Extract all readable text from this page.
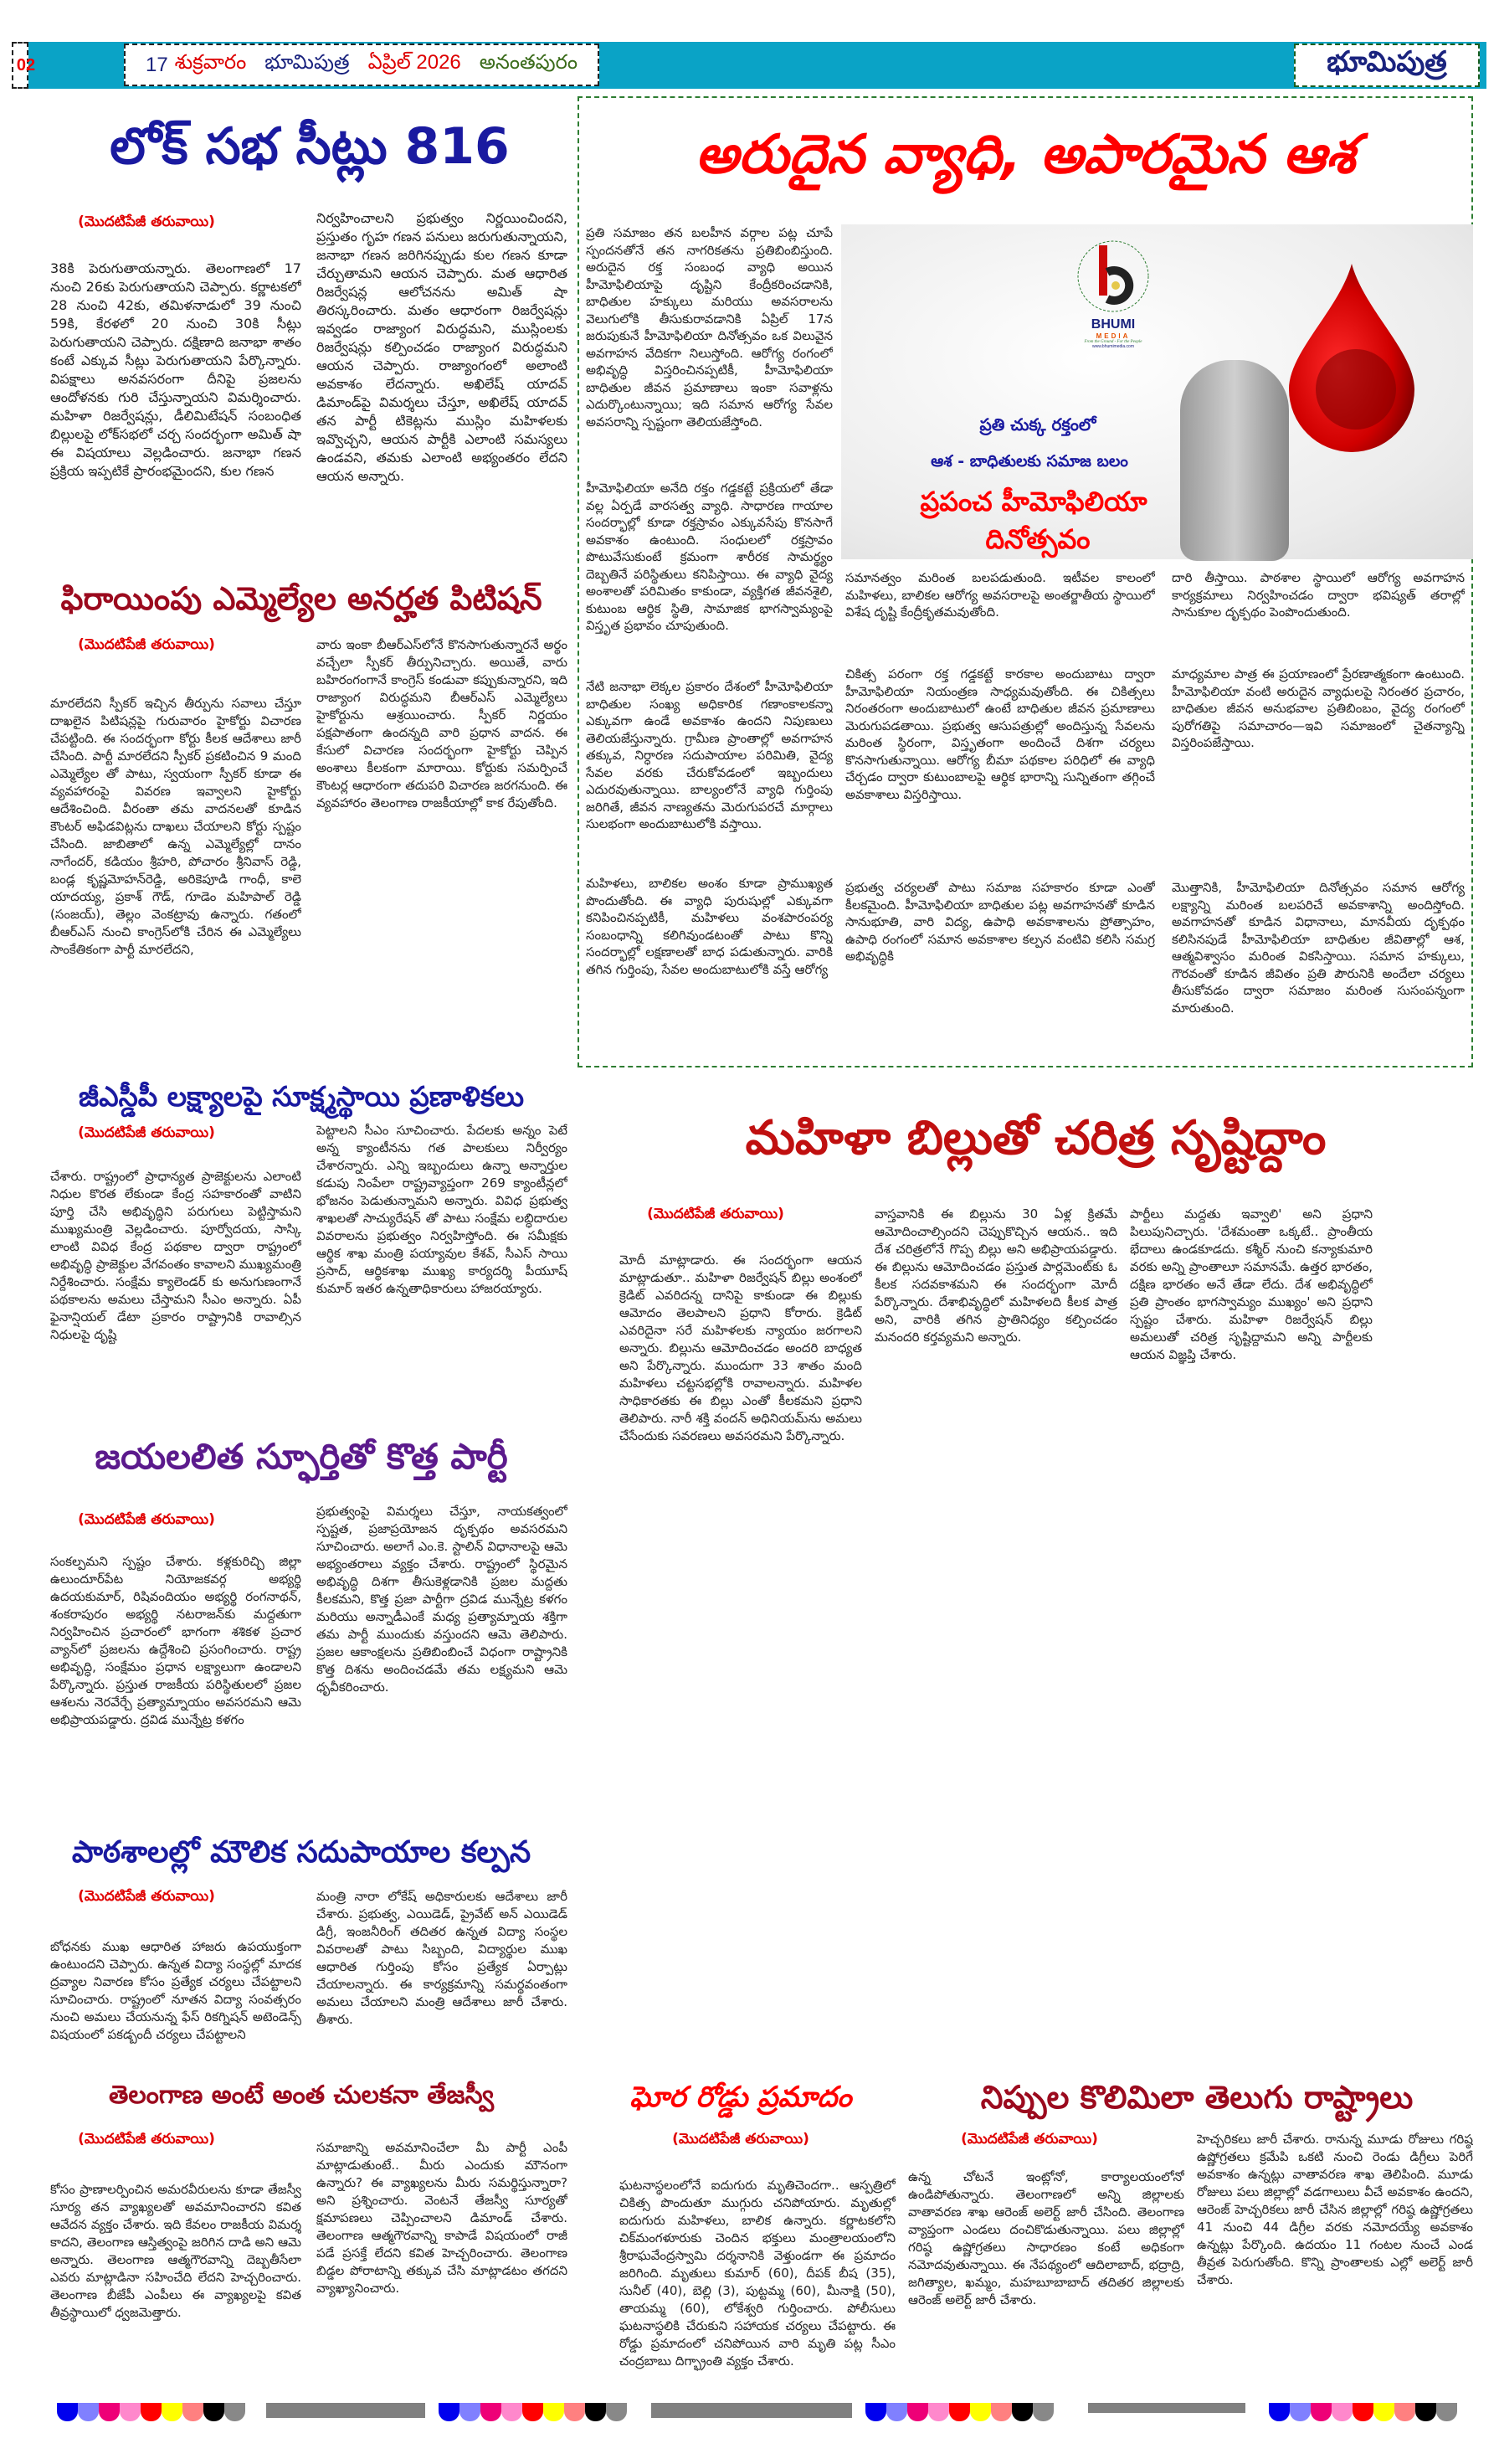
02	17 శుక్రవారం భూమిపుత్ర ఏప్రిల్ 2026 అనంతపురం	భూమిపుత్ర
లోక్ సభ సీట్లు 816
(మొదటిపేజీ తరువాయి)
38కి పెరుగుతాయన్నారు. తెలంగాణలో 17 నుంచి 26కు పెరుగుతాయని చెప్పారు. కర్ణాటకలో 28 నుంచి 42కు, తమిళనాడులో 39 నుంచి 59కి, కేరళలో 20 నుంచి 30కి సీట్లు పెరుగుతాయని చెప్పారు. దక్షిణాది జనాభా శాతం కంటే ఎక్కువ సీట్లు పెరుగుతాయని పేర్కొన్నారు. విపక్షాలు అనవసరంగా దీనిపై ప్రజలను ఆందోళనకు గురి చేస్తున్నాయని విమర్శించారు. మహిళా రిజర్వేషన్లు, డీలిమిటేషన్ సంబంధిత బిల్లులపై లోక్‌సభలో చర్చ సందర్భంగా అమిత్ షా ఈ విషయాలు వెల్లడించారు. జనాభా గణన ప్రక్రియ ఇప్పటికే ప్రారంభమైందని, కుల గణన
నిర్వహించాలని ప్రభుత్వం నిర్ణయించిందని, ప్రస్తుతం గృహ గణన పనులు జరుగుతున్నాయని, జనాభా గణన జరిగినప్పుడు కుల గణన కూడా చేర్చుతామని ఆయన చెప్పారు. మత ఆధారిత రిజర్వేషన్ల ఆలోచనను అమిత్ షా తిరస్కరించారు. మతం ఆధారంగా రిజర్వేషన్లు ఇవ్వడం రాజ్యాంగ విరుద్ధమని, ముస్లింలకు రిజర్వేషన్లు కల్పించడం రాజ్యాంగ విరుద్ధమని ఆయన చెప్పారు. రాజ్యాంగంలో అలాంటి అవకాశం లేదన్నారు. అఖిలేష్ యాదవ్ డిమాండ్‌పై విమర్శలు చేస్తూ, అఖిలేష్ యాదవ్ తన పార్టీ టికెట్లను ముస్లిం మహిళలకు ఇవ్వొచ్చని, ఆయన పార్టీకి ఎలాంటి సమస్యలు ఉండవని, తమకు ఎలాంటి అభ్యంతరం లేదని ఆయన అన్నారు.
ఫిరాయింపు ఎమ్మెల్యేల అనర్హత పిటిషన్
(మొదటిపేజీ తరువాయి)
మారలేదని స్పీకర్ ఇచ్చిన తీర్పును సవాలు చేస్తూ దాఖలైన పిటిషన్లపై గురువారం హైకోర్టు విచారణ చేపట్టింది. ఈ సందర్భంగా కోర్టు కీలక ఆదేశాలు జారీ చేసింది. పార్టీ మారలేదని స్పీకర్ ప్రకటించిన 9 మంది ఎమ్మెల్యేల తో పాటు, స్వయంగా స్పీకర్ కూడా ఈ వ్యవహారంపై వివరణ ఇవ్వాలని హైకోర్టు ఆదేశించింది. వీరంతా తమ వాదనలతో కూడిన కౌంటర్ అఫిడవిట్లను దాఖలు చేయాలని కోర్టు స్పష్టం చేసింది. జాబితాలో ఉన్న ఎమ్మెల్యేల్లో దానం నాగేందర్, కడియం శ్రీహరి, పోచారం శ్రీనివాస్ రెడ్డి, బండ్ల కృష్ణమోహన్‌రెడ్డి, అరికెపూడి గాంధీ, కాలె యాదయ్య, ప్రకాశ్ గౌడ్, గూడెం మహిపాల్ రెడ్డి (సంజయ్), తెల్లం వెంకట్రావు ఉన్నారు. గతంలో బీఆర్ఎస్ నుంచి కాంగ్రెస్‌లోకి చేరిన ఈ ఎమ్మెల్యేలు సాంకేతికంగా పార్టీ మారలేదని,
వారు ఇంకా బీఆర్ఎస్‌లోనే కొనసాగుతున్నారనే అర్థం వచ్చేలా స్పీకర్ తీర్పునిచ్చారు. అయితే, వారు బహిరంగంగానే కాంగ్రెస్ కండువా కప్పుకున్నారని, ఇది రాజ్యాంగ విరుద్ధమని బీఆర్ఎస్ ఎమ్మెల్యేలు హైకోర్టును ఆశ్రయించారు. స్పీకర్ నిర్ణయం పక్షపాతంగా ఉందన్నది వారి ప్రధాన వాదన. ఈ కేసులో విచారణ సందర్భంగా హైకోర్టు చెప్పిన అంశాలు కీలకంగా మారాయి. కోర్టుకు సమర్పించే కౌంటర్ల ఆధారంగా తదుపరి విచారణ జరగనుంది. ఈ వ్యవహారం తెలంగాణ రాజకీయాల్లో కాక రేపుతోంది.
జీఎస్డీపీ లక్ష్యాలపై సూక్ష్మస్థాయి ప్రణాళికలు
(మొదటిపేజీ తరువాయి)
చేశారు. రాష్ట్రంలో ప్రాధాన్యత ప్రాజెక్టులను ఎలాంటి నిధుల కొరత లేకుండా కేంద్ర సహకారంతో వాటిని పూర్తి చేసి అభివృద్ధిని పరుగులు పెట్టిస్తామని ముఖ్యమంత్రి వెల్లడించారు. పూర్వోదయ, సాస్కి లాంటి వివిధ కేంద్ర పథకాల ద్వారా రాష్ట్రంలో అభివృద్ధి ప్రాజెక్టుల వేగవంతం కావాలని ముఖ్యమంత్రి నిర్దేశించారు. సంక్షేమ క్యాలెండర్ కు అనుగుణంగానే పథకాలను అమలు చేస్తామని సీఎం అన్నారు. ఏపీ ఫైనాన్షియల్ డేటా ప్రకారం రాష్ట్రానికి రావాల్సిన నిధులపై దృష్టి
పెట్టాలని సీఎం సూచించారు. పేదలకు అన్నం పెటే అన్న క్యాంటీనను గత పాలకులు నిర్వీర్యం చేశారన్నారు. ఎన్ని ఇబ్బందులు ఉన్నా అన్నార్తుల కడుపు నింపేలా రాష్ట్రవ్యాప్తంగా 269 క్యాంటీన్లలో భోజనం పెడుతున్నామని అన్నారు. వివిధ ప్రభుత్వ శాఖలతో సాచ్యురేషన్ తో పాటు సంక్షేమ లబ్ధిదారుల వివరాలను ప్రభుత్వం నిర్వహిస్తోంది. ఈ సమీక్షకు ఆర్థిక శాఖ మంత్రి పయ్యావుల కేశవ్, సీఎస్ సాయి ప్రసాద్, ఆర్థికశాఖ ముఖ్య కార్యదర్శి పీయూష్ కుమార్ ఇతర ఉన్నతాధికారులు హాజరయ్యారు.
జయలలిత స్ఫూర్తితో కొత్త పార్టీ
(మొదటిపేజీ తరువాయి)
సంకల్పమని స్పష్టం చేశారు. కళ్లకురిచ్చి జిల్లా ఉలుందూర్‌పేట నియోజకవర్గ అభ్యర్థి ఉదయకుమార్, రిషివందియం అభ్యర్థి రంగనాథన్, శంకరాపురం అభ్యర్థి నటరాజన్‌కు మద్దతుగా నిర్వహించిన ప్రచారంలో భాగంగా శశికళ ప్రచార వ్యాన్‌లో ప్రజలను ఉద్దేశించి ప్రసంగించారు. రాష్ట్ర అభివృద్ధి, సంక్షేమం ప్రధాన లక్ష్యాలుగా ఉండాలని పేర్కొన్నారు. ప్రస్తుత రాజకీయ పరిస్థితులలో ప్రజల ఆశలను నెరవేర్చే ప్రత్యామ్నాయం అవసరమని ఆమె అభిప్రాయపడ్డారు. ద్రవిడ మున్నేట్ర కళగం
ప్రభుత్వంపై విమర్శలు చేస్తూ, నాయకత్వంలో స్పష్టత, ప్రజాప్రయోజన దృక్పథం అవసరమని సూచించారు. అలాగే ఎం.కె. స్టాలిన్ విధానాలపై ఆమె అభ్యంతరాలు వ్యక్తం చేశారు. రాష్ట్రంలో స్థిరమైన అభివృద్ధి దిశగా తీసుకెళ్లడానికి ప్రజల మద్దతు కీలకమని, కొత్త ప్రజా పార్టీగా ద్రవిడ మున్నేట్ర కళగం మరియు అన్నాడీఎంకే మధ్య ప్రత్యామ్నాయ శక్తిగా తమ పార్టీ ముందుకు వస్తుందని ఆమె తెలిపారు. ప్రజల ఆకాంక్షలను ప్రతిబింబించే విధంగా రాష్ట్రానికి కొత్త దిశను అందించడమే తమ లక్ష్యమని ఆమె ధృవీకరించారు.
పాఠశాలల్లో మౌలిక సదుపాయాల కల్పన
(మొదటిపేజీ తరువాయి)
బోధనకు ముఖ ఆధారిత హాజరు ఉపయుక్తంగా ఉంటుందని చెప్పారు. ఉన్నత విద్యా సంస్థల్లో మాదక ద్రవ్యాల నివారణ కోసం ప్రత్యేక చర్యలు చేపట్టాలని సూచించారు. రాష్ట్రంలో నూతన విద్యా సంవత్సరం నుంచి అమలు చేయనున్న ఫేస్ రికగ్నిషన్ అటెండెన్స్ విషయంలో పకడ్బందీ చర్యలు చేపట్టాలని
మంత్రి నారా లోకేష్ అధికారులకు ఆదేశాలు జారీ చేశారు. ప్రభుత్వ, ఎయిడెడ్, ప్రైవేట్ అన్ ఎయిడెడ్ డిగ్రీ, ఇంజనీరింగ్ తదితర ఉన్నత విద్యా సంస్థల వివరాలతో పాటు సిబ్బంది, విద్యార్థుల ముఖ ఆధారిత గుర్తింపు కోసం ప్రత్యేక ఏర్పాట్లు చేయాలన్నారు. ఈ కార్యక్రమాన్ని సమర్థవంతంగా అమలు చేయాలని మంత్రి ఆదేశాలు జారీ చేశారు. తీశారు.
తెలంగాణ అంటే అంత చులకనా తేజస్వీ
(మొదటిపేజీ తరువాయి)
కోసం ప్రాణాలర్పించిన అమరవీరులను కూడా తేజస్వీ సూర్య తన వ్యాఖ్యలతో అవమానించారని కవిత ఆవేదన వ్యక్తం చేశారు. ఇది కేవలం రాజకీయ విమర్శ కాదని, తెలంగాణ ఆస్తిత్వంపై జరిగిన దాడి అని ఆమె అన్నారు. తెలంగాణ ఆత్మగౌరవాన్ని దెబ్బతీసేలా ఎవరు మాట్లాడినా సహించేది లేదని హెచ్చరించారు. తెలంగాణ బీజేపీ ఎంపీలు ఈ వ్యాఖ్యలపై కవిత తీవ్రస్థాయిలో ధ్వజమెత్తారు.
సమాజాన్ని అవమానించేలా మీ పార్టీ ఎంపీ మాట్లాడుతుంటే.. మీరు ఎందుకు మౌనంగా ఉన్నారు? ఈ వ్యాఖ్యలను మీరు సమర్థిస్తున్నారా? అని ప్రశ్నించారు. వెంటనే తేజస్వీ సూర్యతో క్షమాపణలు చెప్పించాలని డిమాండ్ చేశారు. తెలంగాణ ఆత్మగౌరవాన్ని కాపాడే విషయంలో రాజీ పడే ప్రసక్తే లేదని కవిత హెచ్చరించారు. తెలంగాణ బిడ్డల పోరాటాన్ని తక్కువ చేసి మాట్లాడటం తగదని వ్యాఖ్యానించారు.
అరుదైన వ్యాధి, అపారమైన ఆశ
ప్రతి సమాజం తన బలహీన వర్గాల పట్ల చూపే స్పందనతోనే తన నాగరికతను ప్రతిబింబిస్తుంది. అరుదైన రక్త సంబంధ వ్యాధి అయిన హీమోఫిలియాపై దృష్టిని కేంద్రీకరించడానికి, బాధితుల హక్కులు మరియు అవసరాలను వెలుగులోకి తీసుకురావడానికి ఏప్రిల్ 17న జరుపుకునే హీమోఫిలియా దినోత్సవం ఒక విలువైన అవగాహన వేదికగా నిలుస్తోంది. ఆరోగ్య రంగంలో అభివృద్ధి విస్తరించినప్పటికీ, హీమోఫిలియా బాధితుల జీవన ప్రమాణాలు ఇంకా సవాళ్లను ఎదుర్కొంటున్నాయి; ఇది సమాన ఆరోగ్య సేవల అవసరాన్ని స్పష్టంగా తెలియజేస్తోంది.
హీమోఫిలియా అనేది రక్తం గడ్డకట్టే ప్రక్రియలో తేడా వల్ల ఏర్పడే వారసత్వ వ్యాధి. సాధారణ గాయాల సందర్భాల్లో కూడా రక్తస్రావం ఎక్కువసేపు కొనసాగే అవకాశం ఉంటుంది. సంధులలో రక్తస్రావం పొటువేసుకుంటే క్రమంగా శారీరక సామర్థ్యం దెబ్బతినే పరిస్థితులు కనిపిస్తాయి. ఈ వ్యాధి వైద్య అంశాలతో పరిమితం కాకుండా, వ్యక్తిగత జీవనశైలి, కుటుంబ ఆర్థిక స్థితి, సామాజిక భాగస్వామ్యంపై విస్తృత ప్రభావం చూపుతుంది.
నేటి జనాభా లెక్కల ప్రకారం దేశంలో హీమోఫిలియా బాధితుల సంఖ్య అధికారిక గణాంకాలకన్నా ఎక్కువగా ఉండే అవకాశం ఉందని నిపుణులు తెలియజేస్తున్నారు. గ్రామీణ ప్రాంతాల్లో అవగాహన తక్కువ, నిర్ధారణ సదుపాయాల పరిమితి, వైద్య సేవల వరకు చేరుకోవడంలో ఇబ్బందులు ఎదురవుతున్నాయి. బాల్యంలోనే వ్యాధి గుర్తింపు జరిగితే, జీవన నాణ్యతను మెరుగుపరచే మార్గాలు సులభంగా అందుబాటులోకి వస్తాయి.
మహిళలు, బాలికల అంశం కూడా ప్రాముఖ్యత పొందుతోంది. ఈ వ్యాధి పురుషుల్లో ఎక్కువగా కనిపించినప్పటికీ, మహిళలు వంశపారంపర్య సంబంధాన్ని కలిగివుండటంతో పాటు కొన్ని సందర్భాల్లో లక్షణాలతో బాధ పడుతున్నారు. వారికి తగిన గుర్తింపు, సేవల అందుబాటులోకి వస్తే ఆరోగ్య
BHUMI
MEDIA
From the Ground - For the People
www.bhumimedia.com
ప్రతి చుక్క రక్తంలో
ఆశ - బాధితులకు సమాజ బలం
ప్రపంచ హీమోఫిలియా
దినోత్సవం
సమానత్వం మరింత బలపడుతుంది. ఇటీవల కాలంలో మహిళలు, బాలికల ఆరోగ్య అవసరాలపై అంతర్జాతీయ స్థాయిలో విశేష దృష్టి కేంద్రీకృతమవుతోంది.
చికిత్స పరంగా రక్త గడ్డకట్టే కారకాల అందుబాటు ద్వారా హీమోఫిలియా నియంత్రణ సాధ్యమవుతోంది. ఈ చికిత్సలు నిరంతరంగా అందుబాటులో ఉంటే బాధితుల జీవన ప్రమాణాలు మెరుగుపడతాయి. ప్రభుత్వ ఆసుపత్రుల్లో అందిస్తున్న సేవలను మరింత స్థిరంగా, విస్తృతంగా అందించే దిశగా చర్యలు కొనసాగుతున్నాయి. ఆరోగ్య బీమా పథకాల పరిధిలో ఈ వ్యాధి చేర్చడం ద్వారా కుటుంబాలపై ఆర్థిక భారాన్ని సున్నితంగా తగ్గించే అవకాశాలు విస్తరిస్తాయి.
ప్రభుత్వ చర్యలతో పాటు సమాజ సహకారం కూడా ఎంతో కీలకమైంది. హీమోఫిలియా బాధితుల పట్ల అవగాహనతో కూడిన సానుభూతి, వారి విద్య, ఉపాధి అవకాశాలను ప్రోత్సాహం, ఉపాధి రంగంలో సమాన అవకాశాల కల్పన వంటివి కలిసి సమగ్ర అభివృద్ధికి
దారి తీస్తాయి. పాఠశాల స్థాయిలో ఆరోగ్య అవగాహన కార్యక్రమాలు నిర్వహించడం ద్వారా భవిష్యత్ తరాల్లో సానుకూల దృక్పథం పెంపొందుతుంది.
మాధ్యమాల పాత్ర ఈ ప్రయాణంలో ప్రేరణాత్మకంగా ఉంటుంది. హీమోఫిలియా వంటి అరుదైన వ్యాధులపై నిరంతర ప్రచారం, బాధితుల జీవన అనుభవాల ప్రతిబింబం, వైద్య రంగంలో పురోగతిపై సమాచారం—ఇవి సమాజంలో చైతన్యాన్ని విస్తరింపజేస్తాయి.
మొత్తానికి, హీమోఫిలియా దినోత్సవం సమాన ఆరోగ్య లక్ష్యాన్ని మరింత బలపరిచే అవకాశాన్ని అందిస్తోంది. అవగాహనతో కూడిన విధానాలు, మానవీయ దృక్పథం కలిసినపుడే హీమోఫిలియా బాధితుల జీవితాల్లో ఆశ, ఆత్మవిశ్వాసం మరింత వికసిస్తాయి. సమాన హక్కులు, గౌరవంతో కూడిన జీవితం ప్రతి పౌరునికి అందేలా చర్యలు తీసుకోవడం ద్వారా సమాజం మరింత సుసంపన్నంగా మారుతుంది.
మహిళా బిల్లుతో చరిత్ర సృష్టిద్దాం
(మొదటిపేజీ తరువాయి)
మోదీ మాట్లాడారు. ఈ సందర్భంగా ఆయన మాట్లాడుతూ.. మహిళా రిజర్వేషన్ బిల్లు అంశంలో క్రెడిట్ ఎవరిదన్న దానిపై కాకుండా ఈ బిల్లుకు ఆమోదం తెలపాలని ప్రధాని కోరారు. క్రెడిట్ ఎవరిదైనా సరే మహిళలకు న్యాయం జరగాలని అన్నారు. బిల్లును ఆమోదించడం అందరి బాధ్యత అని పేర్కొన్నారు. ముందుగా 33 శాతం మంది మహిళలు చట్టసభల్లోకి రావాలన్నారు. మహిళల సాధికారతకు ఈ బిల్లు ఎంతో కీలకమని ప్రధాని తెలిపారు. నారీ శక్తి వందన్ అధినియమ్‌ను అమలు చేసేందుకు సవరణలు అవసరమని పేర్కొన్నారు.
వాస్తవానికి ఈ బిల్లును 30 ఏళ్ల క్రితమే ఆమోదించాల్సిందని చెప్పుకొచ్చిన ఆయన.. ఇది దేశ చరిత్రలోనే గొప్ప బిల్లు అని అభిప్రాయపడ్డారు. ఈ బిల్లును ఆమోదించడం ప్రస్తుత పార్లమెంట్‌కు ఓ కీలక సదవకాశమని ఈ సందర్భంగా మోదీ పేర్కొన్నారు. దేశాభివృద్ధిలో మహిళలది కీలక పాత్ర అని, వారికి తగిన ప్రాతినిధ్యం కల్పించడం మనందరి కర్తవ్యమని అన్నారు.
పార్టీలు మద్దతు ఇవ్వాలి' అని ప్రధాని పిలుపునిచ్చారు. 'దేశమంతా ఒక్కటే.. ప్రాంతీయ భేదాలు ఉండకూడదు. కశ్మీర్ నుంచి కన్యాకుమారి వరకు అన్ని ప్రాంతాలూ సమానమే. ఉత్తర భారతం, దక్షిణ భారతం అనే తేడా లేదు. దేశ అభివృద్ధిలో ప్రతి ప్రాంతం భాగస్వామ్యం ముఖ్యం' అని ప్రధాని స్పష్టం చేశారు. మహిళా రిజర్వేషన్ బిల్లు అమలుతో చరిత్ర సృష్టిద్దామని అన్ని పార్టీలకు ఆయన విజ్ఞప్తి చేశారు.
ఘోర రోడ్డు ప్రమాదం
(మొదటిపేజీ తరువాయి)
ఘటనాస్థలంలోనే ఐదుగురు మృతిచెందగా.. ఆస్పత్రిలో చికిత్స పొందుతూ ముగ్గురు చనిపోయారు. మృతుల్లో ఐదుగురు మహిళలు, బాలిక ఉన్నారు. కర్ణాటకలోని చిక్‌మంగళూరుకు చెందిన భక్తులు మంత్రాలయంలోని శ్రీరాఘవేంద్రస్వామి దర్శనానికి వెళ్తుండగా ఈ ప్రమాదం జరిగింది. మృతులు కుమార్ (60), దీపక్ బీష (35), సునీల్ (40), బెల్లి (3), పుట్టమ్మ (60), మీనాక్షి (50), తాయమ్మ (60), లోకేశ్వరి గుర్తించారు. పోలీసులు ఘటనాస్థలికి చేరుకుని సహాయక చర్యలు చేపట్టారు. ఈ రోడ్డు ప్రమాదంలో చనిపోయిన వారి మృతి పట్ల సీఎం చంద్రబాబు దిగ్భ్రాంతి వ్యక్తం చేశారు.
నిప్పుల కొలిమిలా తెలుగు రాష్ట్రాలు
(మొదటిపేజీ తరువాయి)
ఉన్న చోటనే ఇంట్లోనో, కార్యాలయంలోనో ఉండిపోతున్నారు. తెలంగాణలో అన్ని జిల్లాలకు వాతావరణ శాఖ ఆరెంజ్ అలెర్ట్ జారీ చేసింది. తెలంగాణ వ్యాప్తంగా ఎండలు దంచికొడుతున్నాయి. పలు జిల్లాల్లో గరిష్ఠ ఉష్ణోగ్రతలు సాధారణం కంటే అధికంగా నమోదవుతున్నాయి. ఈ నేపథ్యంలో ఆదిలాబాద్, భద్రాద్రి, జగిత్యాల, ఖమ్మం, మహబూబాబాద్ తదితర జిల్లాలకు ఆరెంజ్ అలెర్ట్ జారీ చేశారు.
హెచ్చరికలు జారీ చేశారు. రానున్న మూడు రోజులు గరిష్ఠ ఉష్ణోగ్రతలు క్రమేపి ఒకటి నుంచి రెండు డిగ్రీలు పెరిగే అవకాశం ఉన్నట్లు వాతావరణ శాఖ తెలిపింది. మూడు రోజులు పలు జిల్లాల్లో వడగాలులు వీచే అవకాశం ఉందని, ఆరెంజ్ హెచ్చరికలు జారీ చేసిన జిల్లాల్లో గరిష్ఠ ఉష్ణోగ్రతలు 41 నుంచి 44 డిగ్రీల వరకు నమోదయ్యే అవకాశం ఉన్నట్లు పేర్కొంది. ఉదయం 11 గంటల నుంచే ఎండ తీవ్రత పెరుగుతోంది. కొన్ని ప్రాంతాలకు ఎల్లో అలెర్ట్ జారీ చేశారు.
